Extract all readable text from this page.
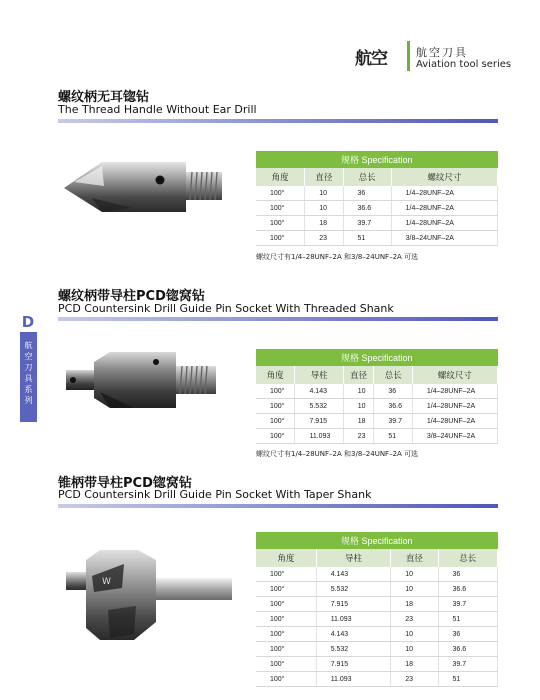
航空	航空刀具
Aviation tool series
D
航空刀具系列
螺纹柄无耳锪钻
The Thread Handle Without Ear Drill
规格 Specification			
角度	直径	总长	螺纹尺寸
100°	10	36	1/4–28UNF–2A
100°	10	36.6	1/4–28UNF–2A
100°	18	39.7	1/4–28UNF–2A
100°	23	51	3/8–24UNF–2A
螺纹尺寸有1/4–28UNF–2A 和3/8–24UNF–2A 可选
螺纹柄带导柱PCD锪窝钻
PCD Countersink Drill Guide Pin Socket With Threaded Shank
规格 Specification				
角度	导柱	直径	总长	螺纹尺寸
100°	4.143	10	36	1/4–28UNF–2A
100°	5.532	10	36.6	1/4–28UNF–2A
100°	7.915	18	39.7	1/4–28UNF–2A
100°	11.093	23	51	3/8–24UNF–2A
螺纹尺寸有1/4–28UNF–2A 和3/8–24UNF–2A 可选
锥柄带导柱PCD锪窝钻
PCD Countersink Drill Guide Pin Socket With Taper Shank
W
规格 Specification			
角度	导柱	直径	总长
100°	4.143	10	36
100°	5.532	10	36.6
100°	7.915	18	39.7
100°	11.093	23	51
100°	4.143	10	36
100°	5.532	10	36.6
100°	7.915	18	39.7
100°	11.093	23	51
